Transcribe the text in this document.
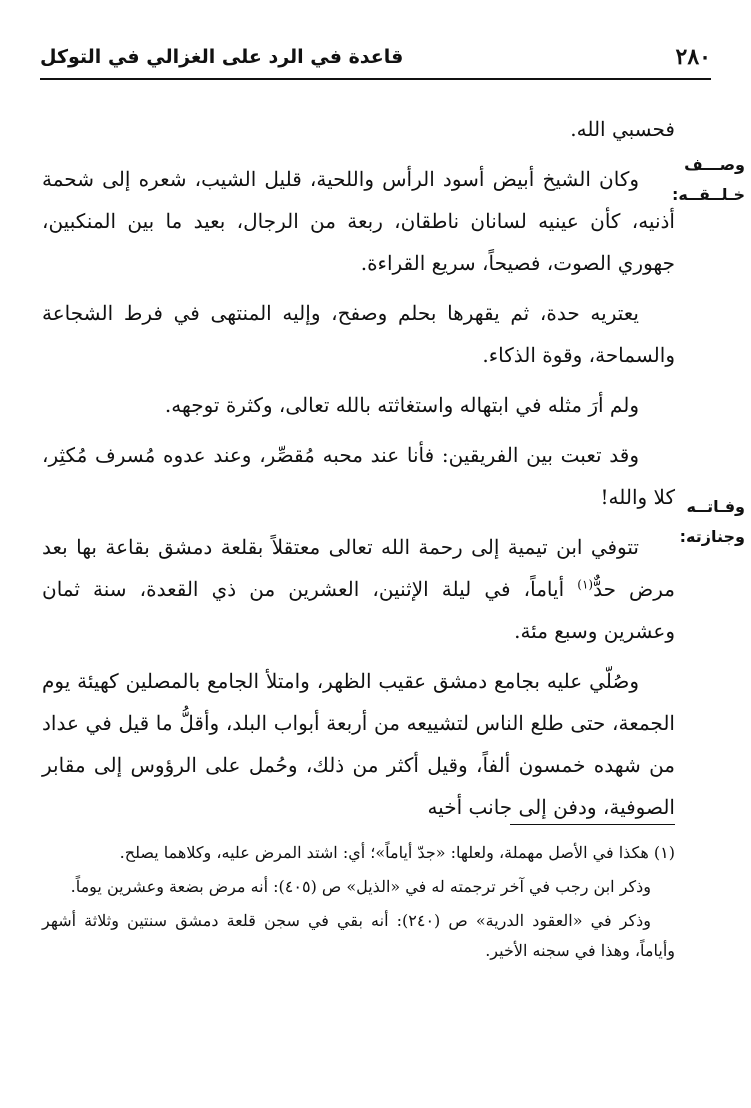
٢٨٠
قاعدة في الرد على الغزالي في التوكل
وصـــف خـلــقــه:
وفـاتــه وجنازته:

فحسبي الله.

وكان الشيخ أبيض أسود الرأس واللحية، قليل الشيب، شعره إلى شحمة أذنيه، كأن عينيه لسانان ناطقان، ربعة من الرجال، بعيد ما بين المنكبين، جهوري الصوت، فصيحاً، سريع القراءة.

يعتريه حدة، ثم يقهرها بحلم وصفح، وإليه المنتهى في فرط الشجاعة والسماحة، وقوة الذكاء.

ولم أرَ مثله في ابتهاله واستغاثته بالله تعالى، وكثرة توجهه.

وقد تعبت بين الفريقين: فأنا عند محبه مُقصِّر، وعند عدوه مُسرف مُكثِر، كلا والله!

تتوفي ابن تيمية إلى رحمة الله تعالى معتقلاً بقلعة دمشق بقاعة بها بعد مرض حدٌّ$^{(١)}$ أياماً، في ليلة الإثنين، العشرين من ذي القعدة، سنة ثمان وعشرين وسبع مئة.

وصُلّي عليه بجامع دمشق عقيب الظهر، وامتلأ الجامع بالمصلين كهيئة يوم الجمعة، حتى طلع الناس لتشييعه من أربعة أبواب البلد، وأقلُّ ما قيل في عداد من شهده خمسون ألفاً، وقيل أكثر من ذلك، وحُمل على الرؤوس إلى مقابر الصوفية، ودفن إلى جانب أخيه

(١) هكذا في الأصل مهملة، ولعلها: «جدّ أياماً»؛ أي: اشتد المرض عليه، وكلاهما يصلح.

وذكر ابن رجب في آخر ترجمته له في «الذيل» ص (٤٠٥): أنه مرض بضعة وعشرين يوماً.

وذكر في «العقود الدرية» ص (٢٤٠): أنه بقي في سجن قلعة دمشق سنتين وثلاثة أشهر وأياماً، وهذا في سجنه الأخير.
